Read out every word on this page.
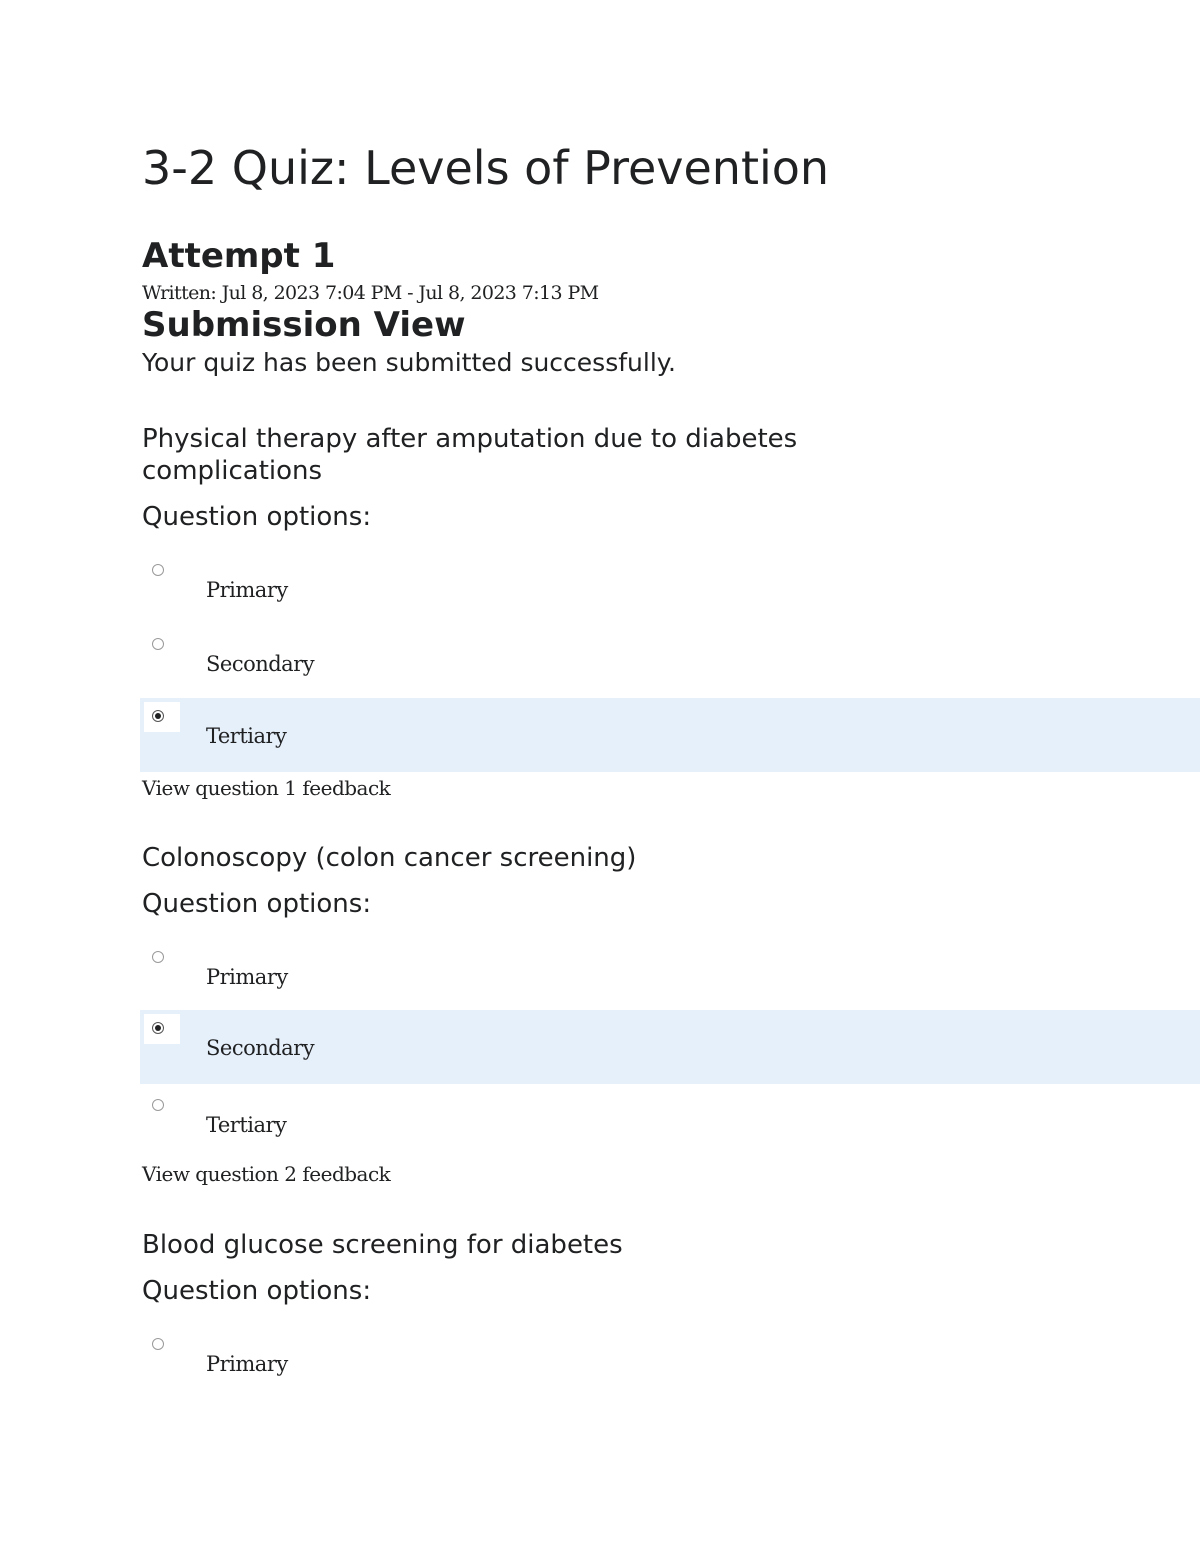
3-2 Quiz: Levels of Prevention
Attempt 1
Written: Jul 8, 2023 7:04 PM - Jul 8, 2023 7:13 PM
Submission View
Your quiz has been submitted successfully.
Physical therapy after amputation due to diabetes complications
Question options:
Primary
Secondary
Tertiary
View question 1 feedback
Colonoscopy (colon cancer screening)
Question options:
Primary
Secondary
Tertiary
View question 2 feedback
Blood glucose screening for diabetes
Question options:
Primary
